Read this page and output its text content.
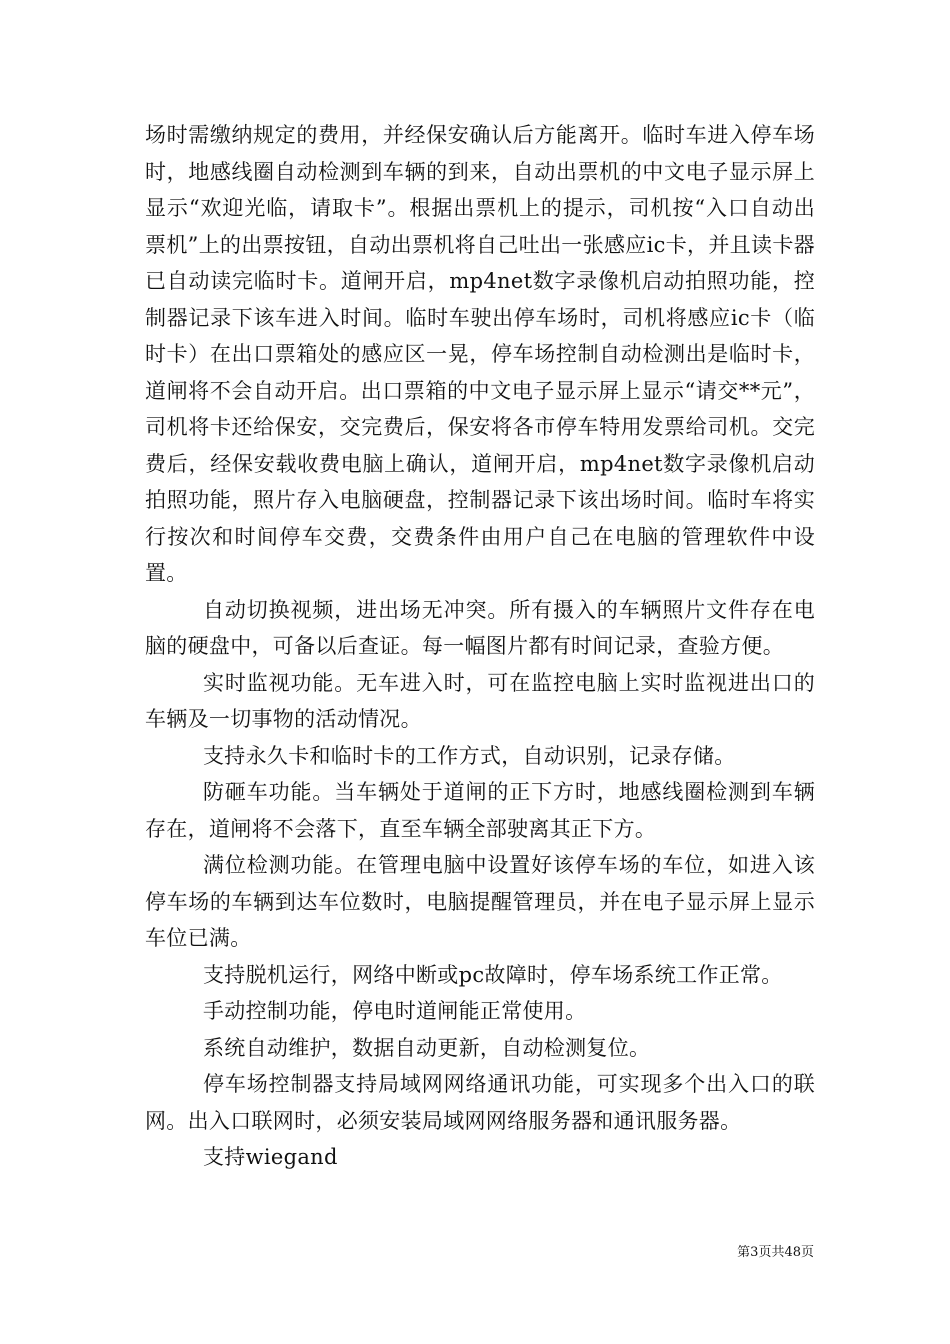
场时需缴纳规定的费用，并经保安确认后方能离开。临时车进入停车场时，地感线圈自动检测到车辆的到来，自动出票机的中文电子显示屏上显示“欢迎光临，请取卡”。根据出票机上的提示，司机按“入口自动出票机”上的出票按钮，自动出票机将自己吐出一张感应ic卡，并且读卡器已自动读完临时卡。道闸开启，mp4net数字录像机启动拍照功能，控制器记录下该车进入时间。临时车驶出停车场时，司机将感应ic卡（临时卡）在出口票箱处的感应区一晃，停车场控制自动检测出是临时卡，道闸将不会自动开启。出口票箱的中文电子显示屏上显示“请交**元”，司机将卡还给保安，交完费后，保安将各市停车特用发票给司机。交完费后，经保安载收费电脑上确认，道闸开启，mp4net数字录像机启动拍照功能，照片存入电脑硬盘，控制器记录下该出场时间。临时车将实行按次和时间停车交费，交费条件由用户自己在电脑的管理软件中设置。

自动切换视频，进出场无冲突。所有摄入的车辆照片文件存在电脑的硬盘中，可备以后查证。每一幅图片都有时间记录，查验方便。

实时监视功能。无车进入时，可在监控电脑上实时监视进出口的车辆及一切事物的活动情况。

支持永久卡和临时卡的工作方式，自动识别，记录存储。

防砸车功能。当车辆处于道闸的正下方时，地感线圈检测到车辆存在，道闸将不会落下，直至车辆全部驶离其正下方。

满位检测功能。在管理电脑中设置好该停车场的车位，如进入该停车场的车辆到达车位数时，电脑提醒管理员，并在电子显示屏上显示车位已满。

支持脱机运行，网络中断或pc故障时，停车场系统工作正常。

手动控制功能，停电时道闸能正常使用。

系统自动维护，数据自动更新，自动检测复位。

停车场控制器支持局域网网络通讯功能，可实现多个出入口的联网。出入口联网时，必须安装局域网网络服务器和通讯服务器。

支持wiegand

第3页共48页
